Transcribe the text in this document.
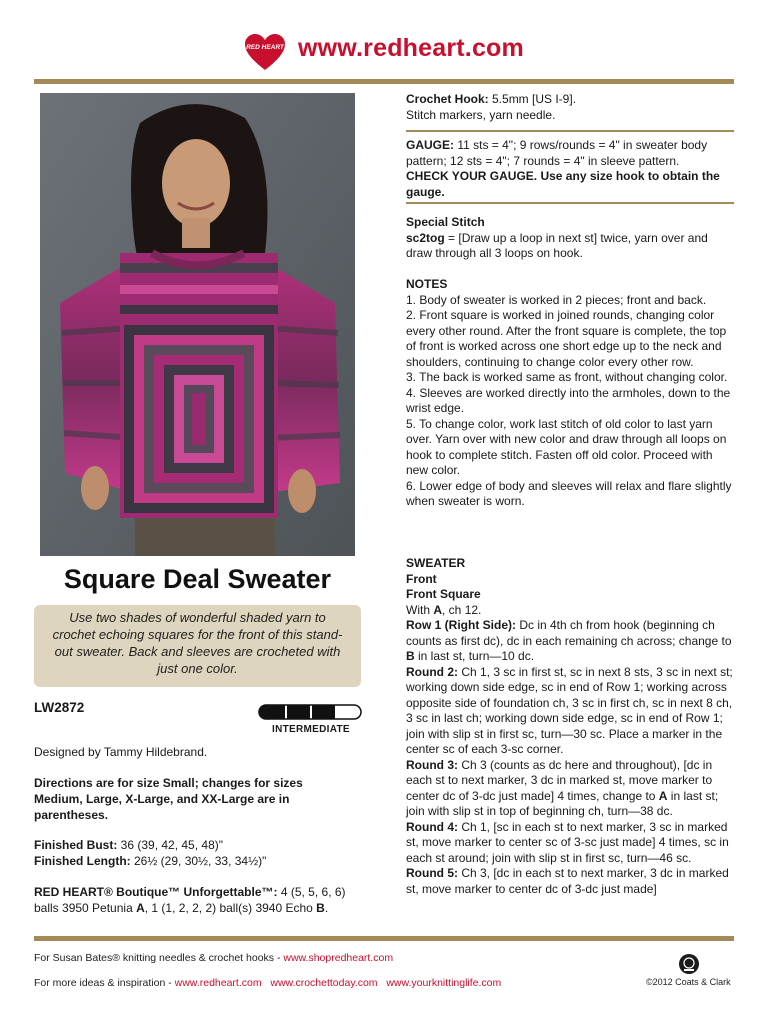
RED HEART www.redheart.com
Square Deal Sweater
Use two shades of wonderful shaded yarn to crochet echoing squares for the front of this stand-out sweater. Back and sleeves are crocheted with just one color.
LW2872
INTERMEDIATE
Designed by Tammy Hildebrand.
Directions are for size Small; changes for sizes Medium, Large, X-Large, and XX-Large are in parentheses.
Finished Bust: 36 (39, 42, 45, 48)"
Finished Length: 26½ (29, 30½, 33, 34½)"
RED HEART® Boutique™ Unforgettable™: 4 (5, 5, 6, 6)
balls 3950 Petunia A, 1 (1, 2, 2, 2) ball(s) 3940 Echo B.
Crochet Hook: 5.5mm [US I-9].
Stitch markers, yarn needle.
GAUGE: 11 sts = 4"; 9 rows/rounds = 4" in sweater body pattern; 12 sts = 4"; 7 rounds = 4" in sleeve pattern.
CHECK YOUR GAUGE. Use any size hook to obtain the gauge.
Special Stitch
sc2tog = [Draw up a loop in next st] twice, yarn over and draw through all 3 loops on hook.
NOTES
1. Body of sweater is worked in 2 pieces; front and back.
2. Front square is worked in joined rounds, changing color every other round. After the front square is complete, the top of front is worked across one short edge up to the neck and shoulders, continuing to change color every other row.
3. The back is worked same as front, without changing color.
4. Sleeves are worked directly into the armholes, down to the wrist edge.
5. To change color, work last stitch of old color to last yarn over. Yarn over with new color and draw through all loops on hook to complete stitch. Fasten off old color. Proceed with new color.
6. Lower edge of body and sleeves will relax and flare slightly when sweater is worn.
SWEATER
Front
Front Square
With A, ch 12.
Row 1 (Right Side): Dc in 4th ch from hook (beginning ch counts as first dc), dc in each remaining ch across; change to B in last st, turn—10 dc.
Round 2: Ch 1, 3 sc in first st, sc in next 8 sts, 3 sc in next st; working down side edge, sc in end of Row 1; working across opposite side of foundation ch, 3 sc in first ch, sc in next 8 ch, 3 sc in last ch; working down side edge, sc in end of Row 1; join with slip st in first sc, turn—30 sc. Place a marker in the center sc of each 3-sc corner.
Round 3: Ch 3 (counts as dc here and throughout), [dc in each st to next marker, 3 dc in marked st, move marker to center dc of 3-dc just made] 4 times, change to A in last st; join with slip st in top of beginning ch, turn—38 dc.
Round 4: Ch 1, [sc in each st to next marker, 3 sc in marked st, move marker to center sc of 3-sc just made] 4 times, sc in each st around; join with slip st in first sc, turn—46 sc.
Round 5: Ch 3, [dc in each st to next marker, 3 dc in marked st, move marker to center dc of 3-dc just made]
For Susan Bates® knitting needles & crochet hooks - www.shopredheart.com
For more ideas & inspiration - www.redheart.com www.crochettoday.com www.yourknittinglife.com	©2012 Coats & Clark
